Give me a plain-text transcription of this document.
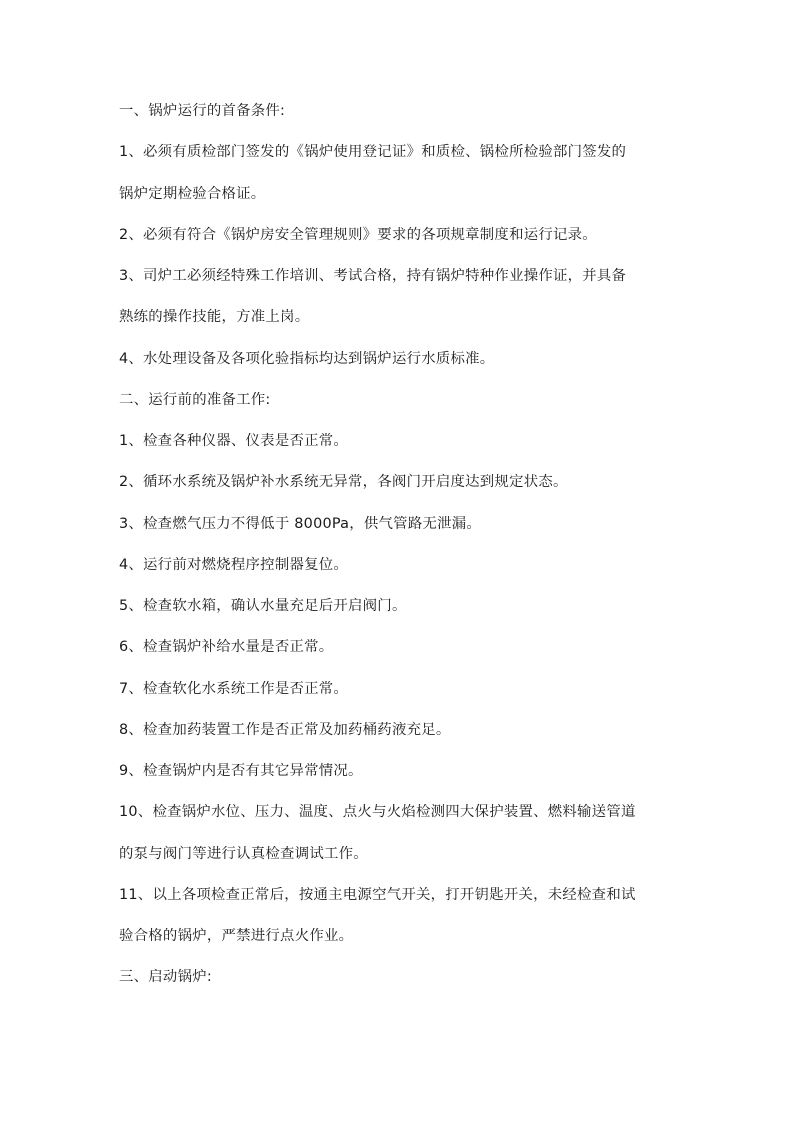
一、锅炉运行的首备条件:
1、必须有质检部门签发的《锅炉使用登记证》和质检、锅检所检验部门签发的
锅炉定期检验合格证。
2、必须有符合《锅炉房安全管理规则》要求的各项规章制度和运行记录。
3、司炉工必须经特殊工作培训、考试合格，持有锅炉特种作业操作证，并具备
熟练的操作技能，方准上岗。
4、水处理设备及各项化验指标均达到锅炉运行水质标准。
二、运行前的准备工作:
1、检查各种仪器、仪表是否正常。
2、循环水系统及锅炉补水系统无异常，各阀门开启度达到规定状态。
3、检查燃气压力不得低于 8000Pa，供气管路无泄漏。
4、运行前对燃烧程序控制器复位。
5、检查软水箱，确认水量充足后开启阀门。
6、检查锅炉补给水量是否正常。
7、检查软化水系统工作是否正常。
8、检查加药装置工作是否正常及加药桶药液充足。
9、检查锅炉内是否有其它异常情况。
10、检查锅炉水位、压力、温度、点火与火焰检测四大保护装置、燃料输送管道
的泵与阀门等进行认真检查调试工作。
11、以上各项检查正常后，按通主电源空气开关，打开钥匙开关，未经检查和试
验合格的锅炉，严禁进行点火作业。
三、启动锅炉:
